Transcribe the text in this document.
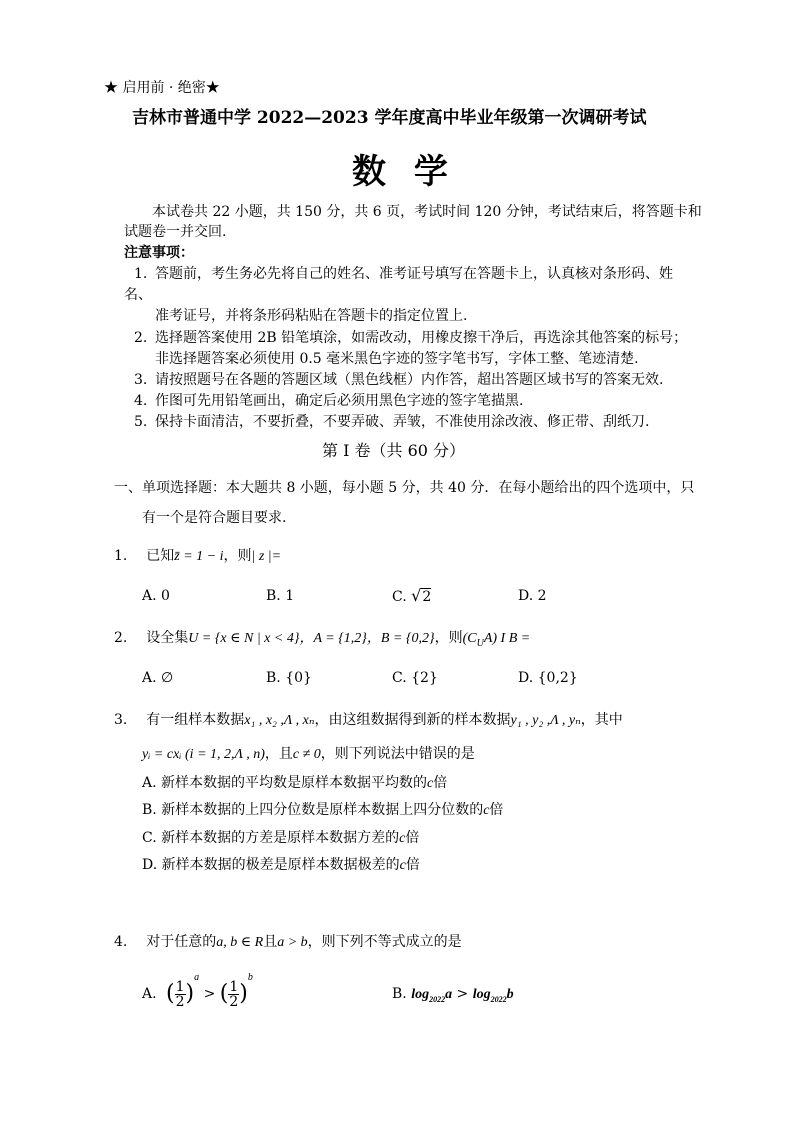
★ 启用前 · 绝密★
吉林市普通中学 2022—2023 学年度高中毕业年级第一次调研考试
数 学
本试卷共 22 小题，共 150 分，共 6 页，考试时间 120 分钟，考试结束后，将答题卡和
试题卷一并交回.
注意事项：
1. 答题前，考生务必先将自己的姓名、准考证号填写在答题卡上，认真核对条形码、姓
名、
准考证号，并将条形码粘贴在答题卡的指定位置上.
2. 选择题答案使用 2B 铅笔填涂，如需改动，用橡皮擦干净后，再选涂其他答案的标号；
非选择题答案必须使用 0.5 毫米黑色字迹的签字笔书写，字体工整、笔迹清楚.
3. 请按照题号在各题的答题区域（黑色线框）内作答，超出答题区域书写的答案无效.
4. 作图可先用铅笔画出，确定后必须用黑色字迹的签字笔描黑.
5. 保持卡面清洁，不要折叠，不要弄破、弄皱，不准使用涂改液、修正带、刮纸刀.
第 I 卷（共 60 分）
一、单项选择题：本大题共 8 小题，每小题 5 分，共 40 分．在每小题给出的四个选项中，只
有一个是符合题目要求.
1. 已知z̄ = 1 − i，则| z |=
A. 0	B. 1	C. √2	D. 2
2. 设全集U = {x ∈ N | x < 4}，A = {1,2}，B = {0,2}，则$(C_UA)$ I B =
A. ∅	B. {0}	C. {2}	D. {0,2}
3. 有一组样本数据x₁ , x₂ ,Λ , xₙ，由这组数据得到新的样本数据y₁ , y₂ ,Λ , yₙ，其中
yᵢ = cxᵢ (i = 1, 2,Λ , n)，且c ≠ 0，则下列说法中错误的是
A. 新样本数据的平均数是原样本数据平均数的c倍
B. 新样本数据的上四分位数是原样本数据上四分位数的c倍
C. 新样本数据的方差是原样本数据方差的c倍
D. 新样本数据的极差是原样本数据极差的c倍
4. 对于任意的a, b ∈ R且a > b，则下列不等式成立的是
A. ( $\frac{1}{2} )^a$ > ( $\frac{1}{2} )^b$
B. $\log_{2022}a > \log_{2022}b$
